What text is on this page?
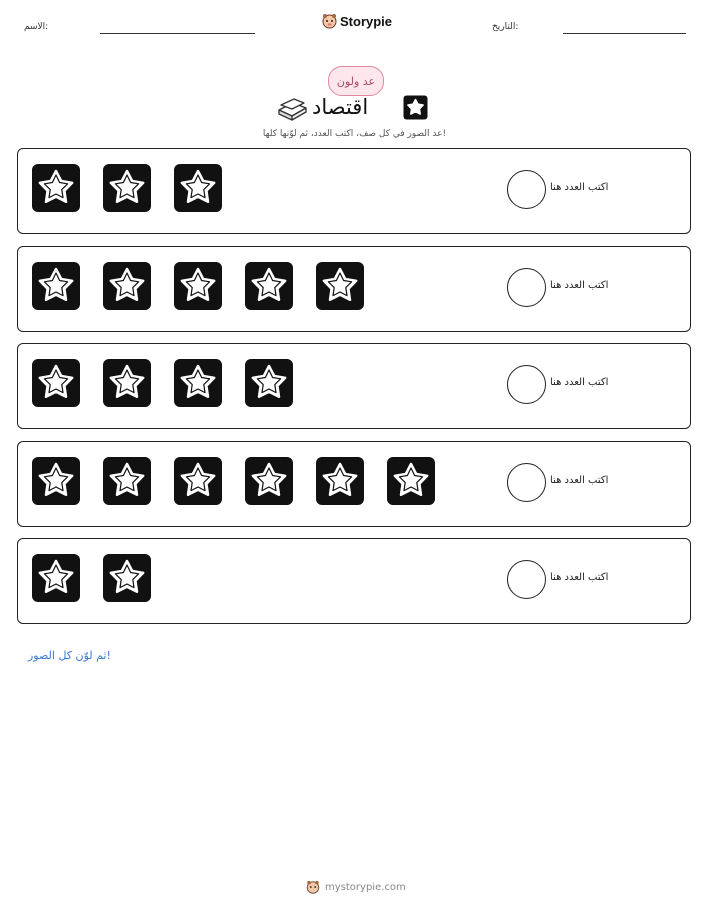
الاسم:	Storypie	التاريخ:
عد ولون
اقتصاد
عد الصور في كل صف، اكتب العدد، ثم لوّنها كلها!
اكتب العدد هنا
اكتب العدد هنا
اكتب العدد هنا
اكتب العدد هنا
اكتب العدد هنا
ثم لوّن كل الصور!
mystorypie.com
